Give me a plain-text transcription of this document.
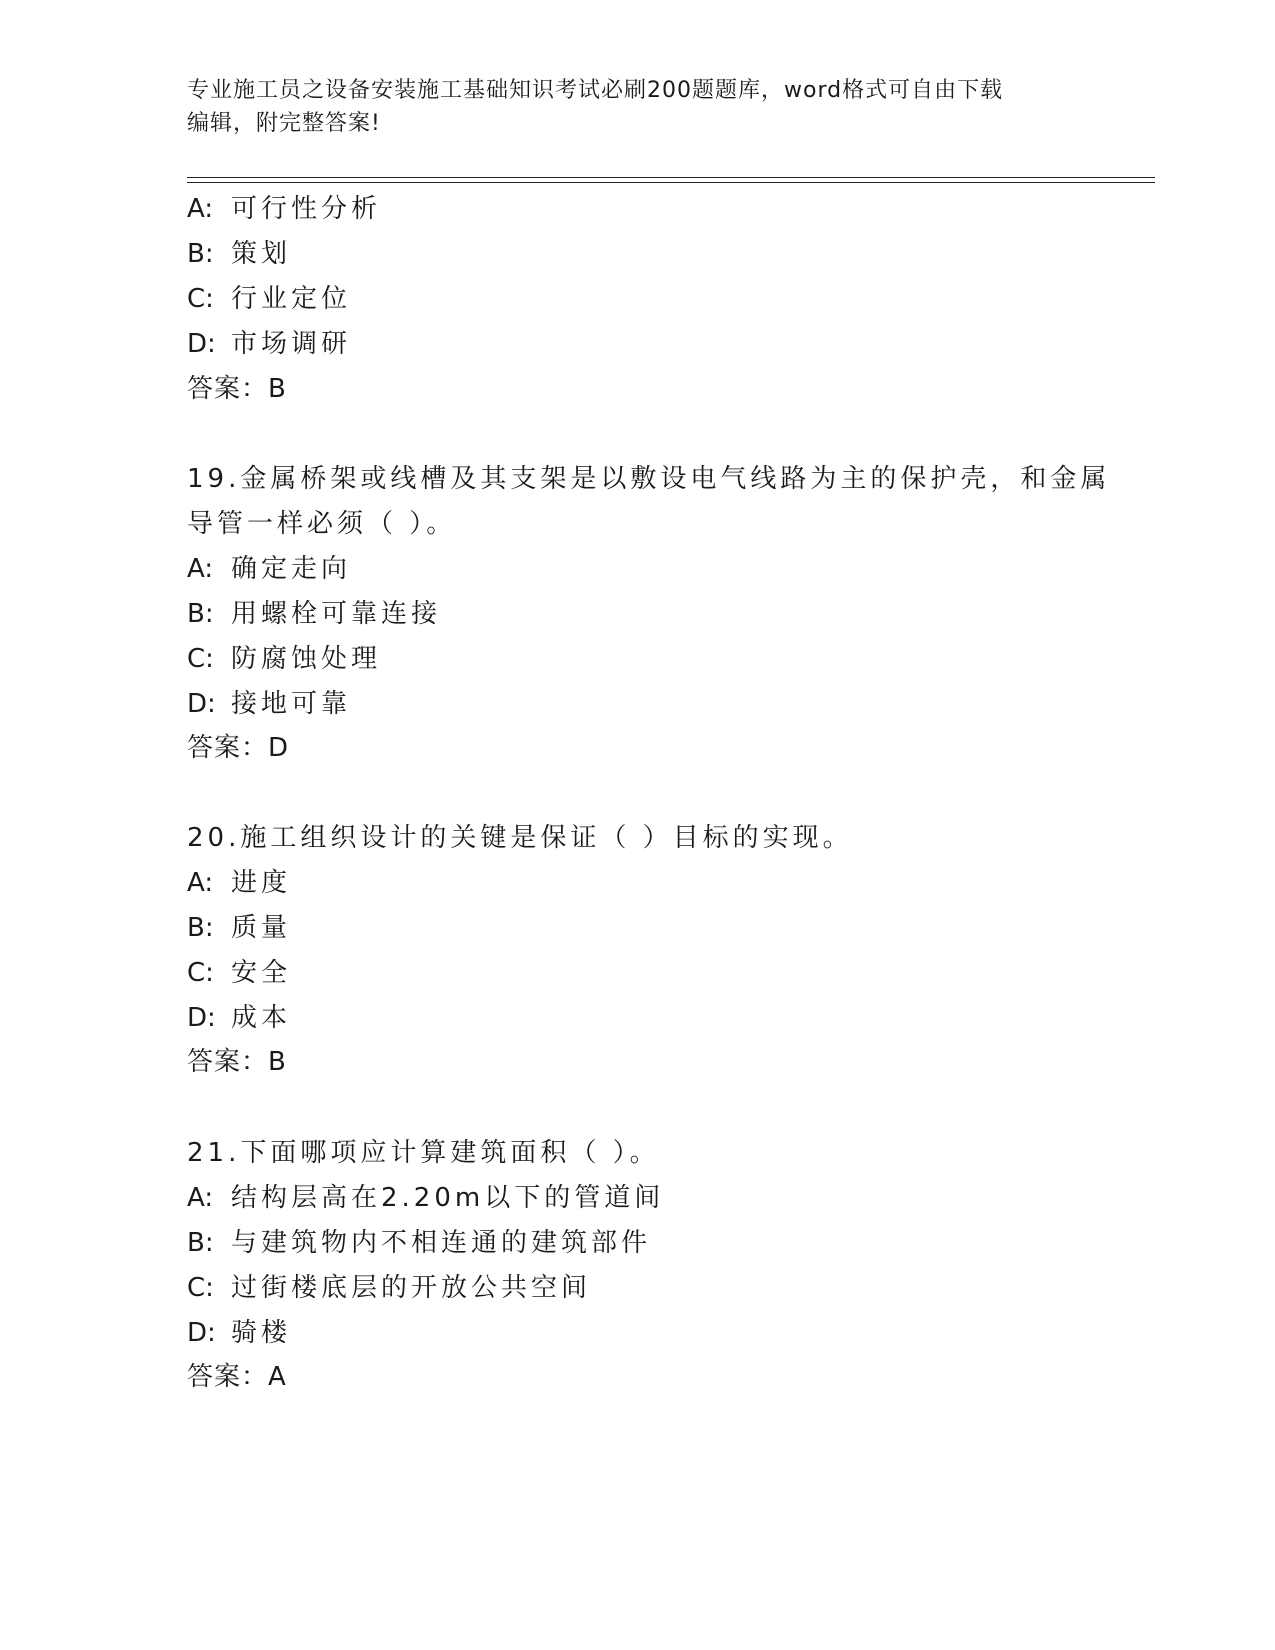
专业施工员之设备安装施工基础知识考试必刷200题题库，word格式可自由下载
编辑，附完整答案!
A: 可行性分析
B: 策划
C: 行业定位
D: 市场调研
答案：B
19.金属桥架或线槽及其支架是以敷设电气线路为主的保护壳，和金属
导管一样必须（ ）。
A: 确定走向
B: 用螺栓可靠连接
C: 防腐蚀处理
D: 接地可靠
答案：D
20.施工组织设计的关键是保证（ ）目标的实现。
A: 进度
B: 质量
C: 安全
D: 成本
答案：B
21.下面哪项应计算建筑面积（ ）。
A: 结构层高在2.20m以下的管道间
B: 与建筑物内不相连通的建筑部件
C: 过街楼底层的开放公共空间
D: 骑楼
答案：A
